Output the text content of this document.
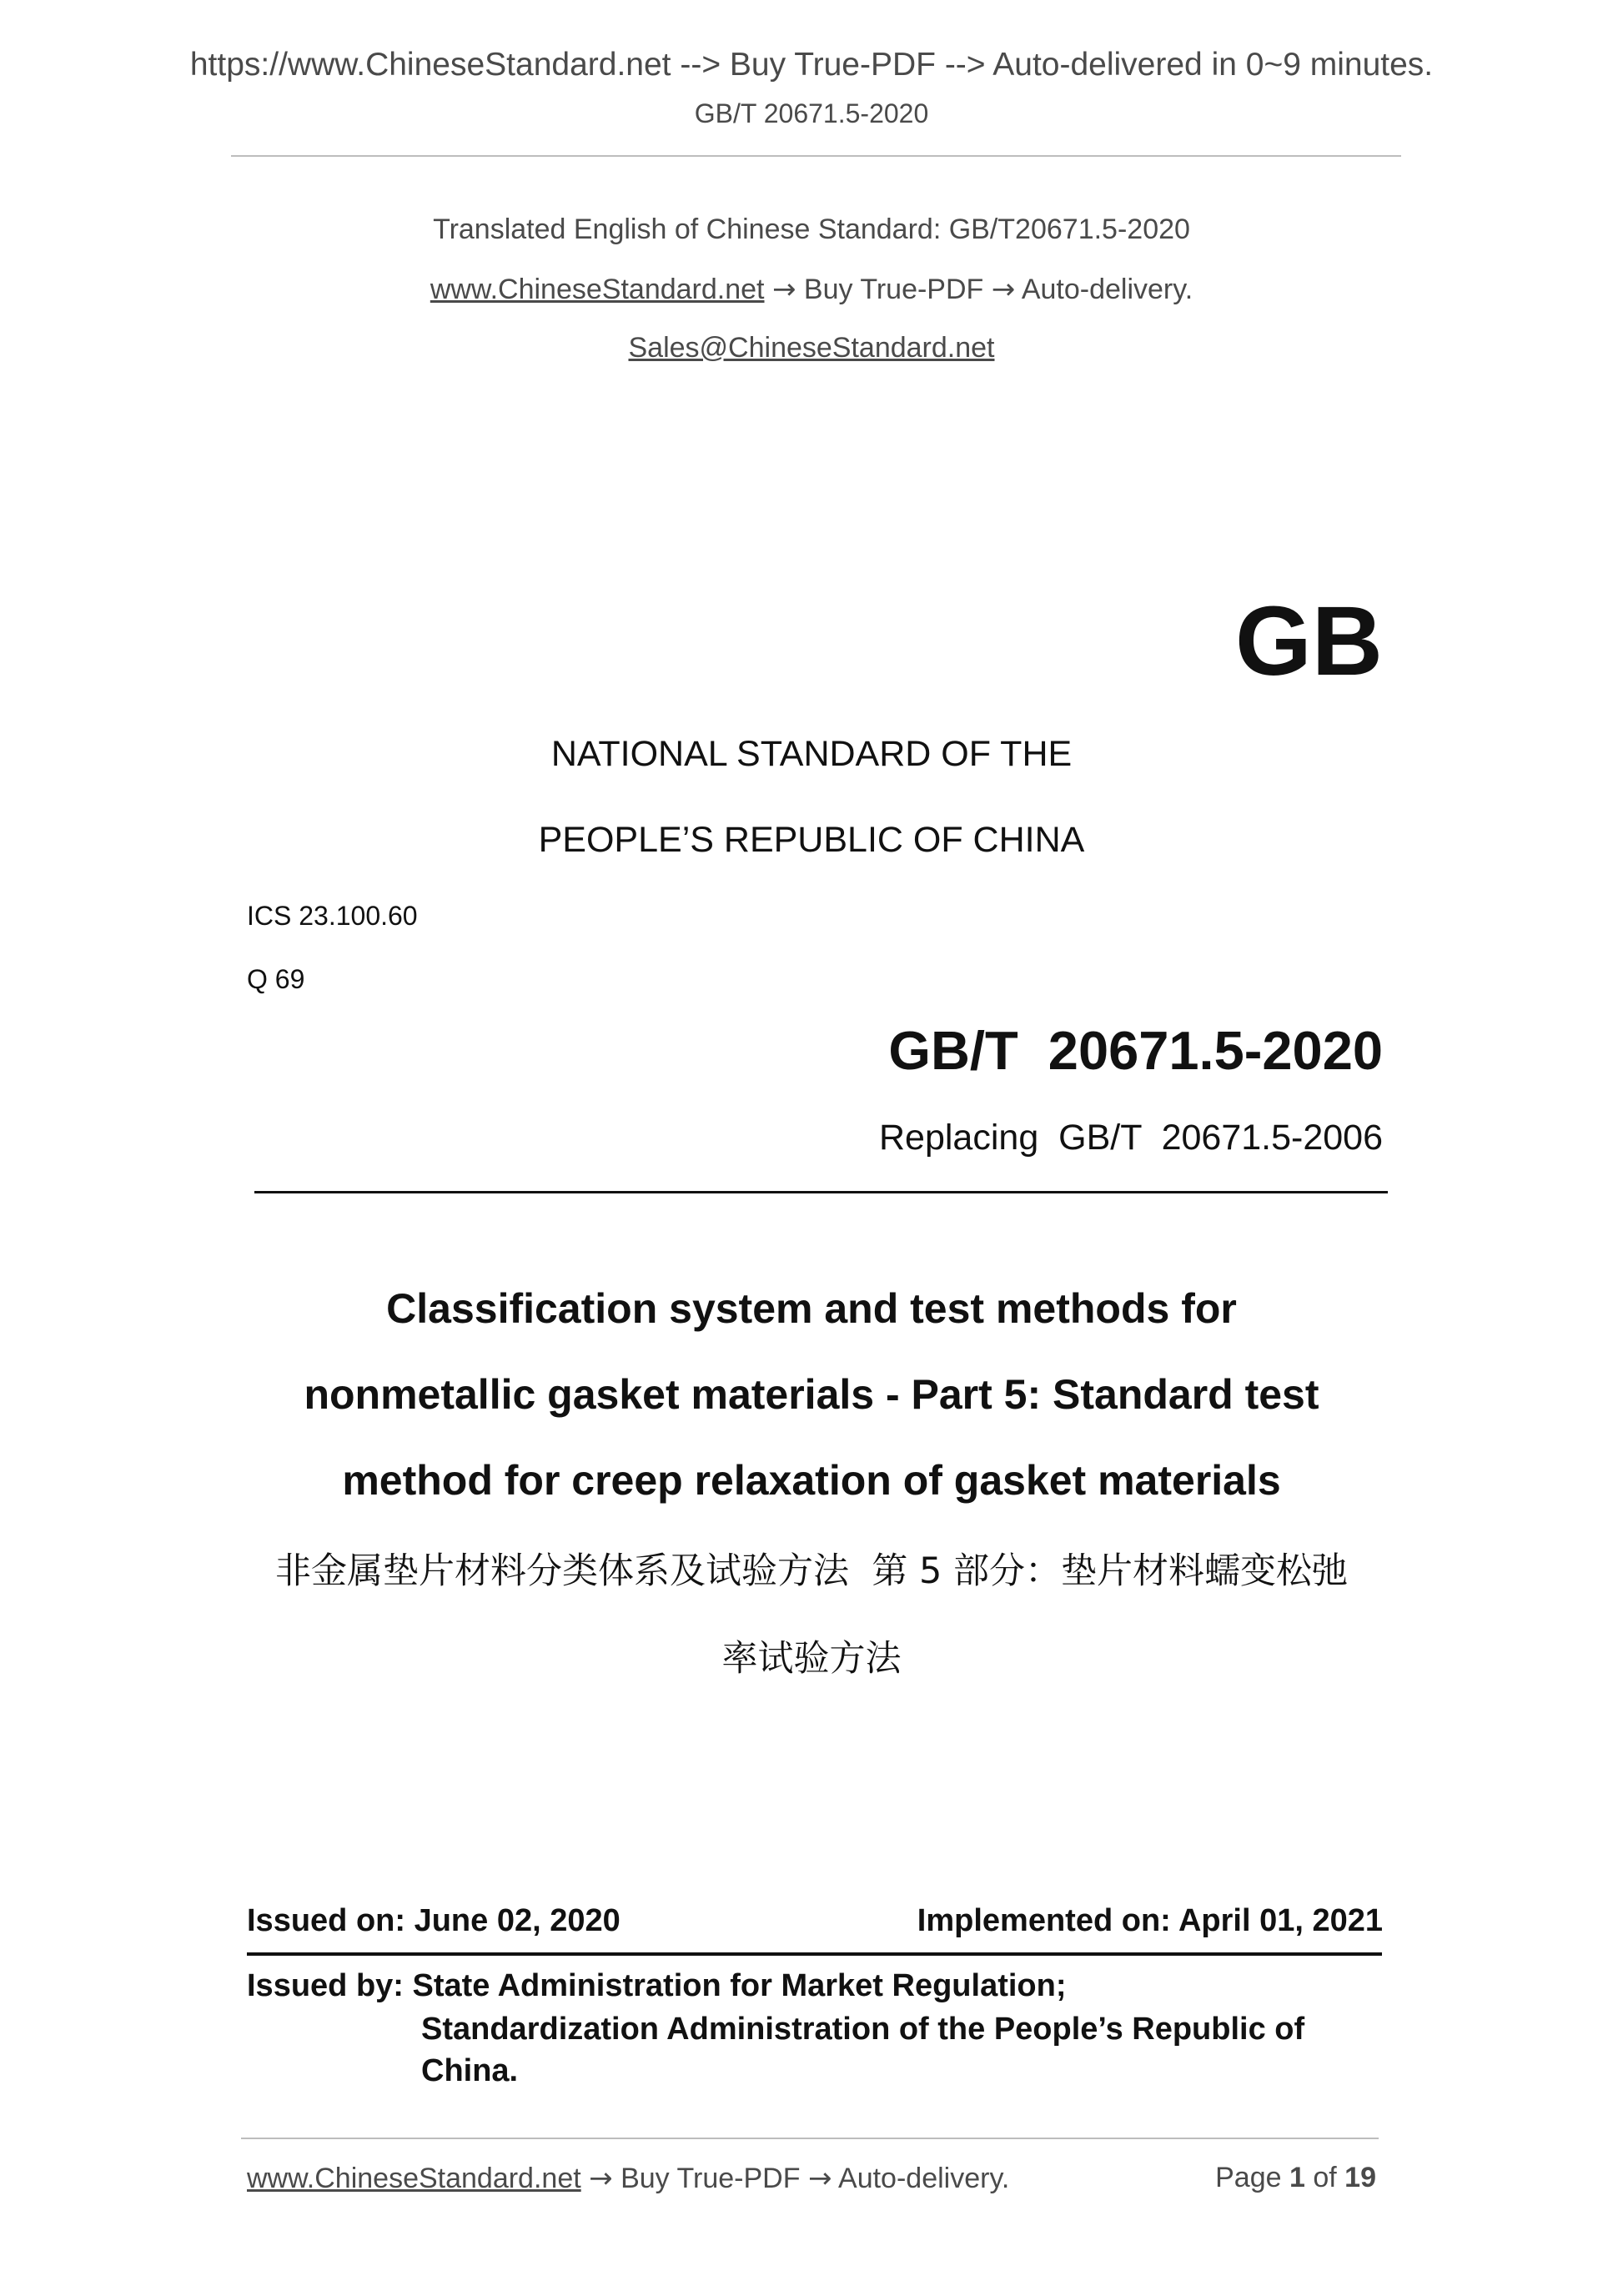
https://www.ChineseStandard.net --> Buy True-PDF --> Auto-delivered in 0~9 minutes.
GB/T 20671.5-2020
Translated English of Chinese Standard: GB/T20671.5-2020
www.ChineseStandard.net → Buy True-PDF → Auto-delivery.
Sales@ChineseStandard.net
GB
NATIONAL STANDARD OF THE
PEOPLE’S REPUBLIC OF CHINA
ICS 23.100.60
Q 69
GB/T  20671.5-2020
Replacing  GB/T  20671.5-2006
Classification system and test methods for
nonmetallic gasket materials - Part 5: Standard test
method for creep relaxation of gasket materials
非金属垫片材料分类体系及试验方法  第 5 部分：垫片材料蠕变松弛
率试验方法
Issued on: June 02, 2020	Implemented on: April 01, 2021
Issued by: State Administration for Market Regulation;
Standardization Administration of the People’s Republic of
China.
www.ChineseStandard.net → Buy True-PDF → Auto-delivery.	Page 1 of 19
